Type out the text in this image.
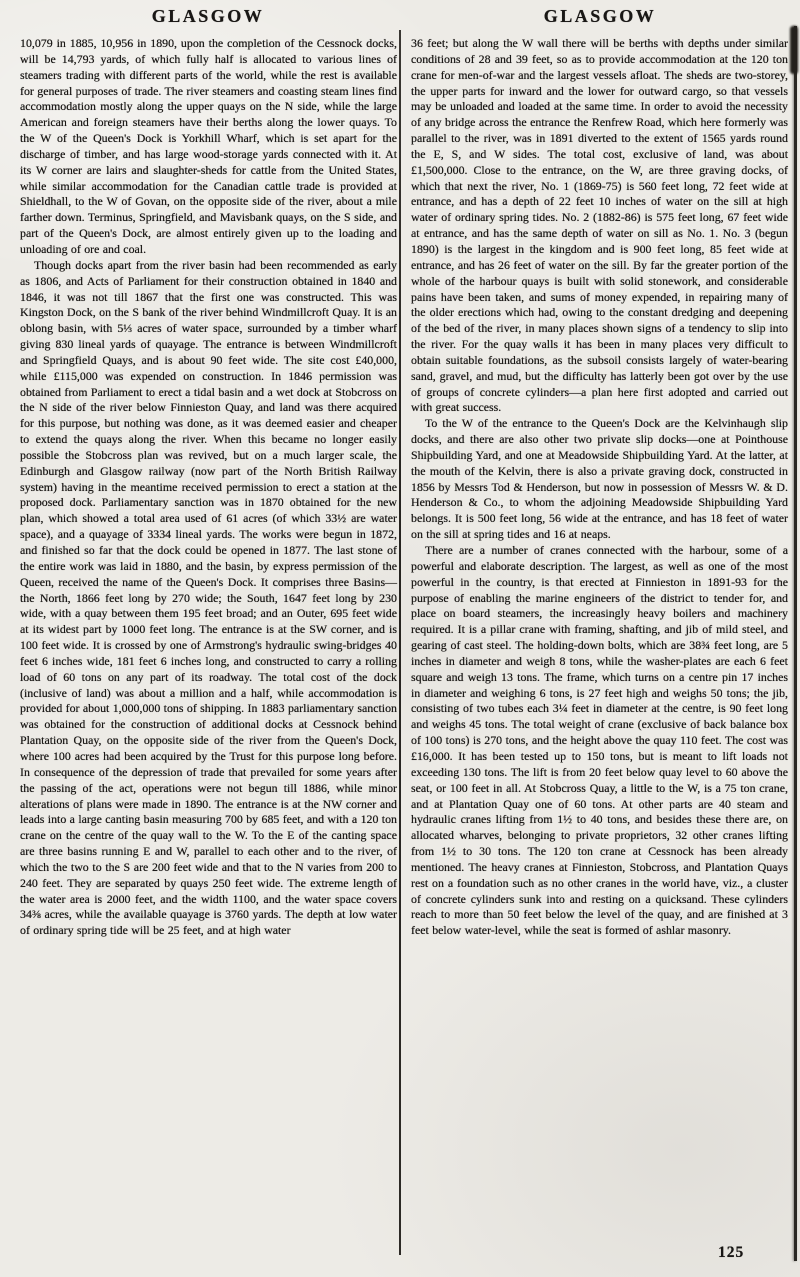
GLASGOW	GLASGOW

10,079 in 1885, 10,956 in 1890, upon the completion of the Cessnock docks, will be 14,793 yards, of which fully half is allocated to various lines of steamers trading with different parts of the world, while the rest is available for general purposes of trade. The river steamers and coasting steam lines find accommodation mostly along the upper quays on the N side, while the large American and foreign steamers have their berths along the lower quays. To the W of the Queen's Dock is Yorkhill Wharf, which is set apart for the discharge of timber, and has large wood-storage yards connected with it. At its W corner are lairs and slaughter-sheds for cattle from the United States, while similar accommodation for the Canadian cattle trade is provided at Shieldhall, to the W of Govan, on the opposite side of the river, about a mile farther down. Terminus, Springfield, and Mavisbank quays, on the S side, and part of the Queen's Dock, are almost entirely given up to the loading and unloading of ore and coal.

Though docks apart from the river basin had been recommended as early as 1806, and Acts of Parliament for their construction obtained in 1840 and 1846, it was not till 1867 that the first one was constructed. This was Kingston Dock, on the S bank of the river behind Windmillcroft Quay. It is an oblong basin, with 5⅓ acres of water space, surrounded by a timber wharf giving 830 lineal yards of quayage. The entrance is between Windmillcroft and Springfield Quays, and is about 90 feet wide. The site cost £40,000, while £115,000 was expended on construction. In 1846 permission was obtained from Parliament to erect a tidal basin and a wet dock at Stobcross on the N side of the river below Finnieston Quay, and land was there acquired for this purpose, but nothing was done, as it was deemed easier and cheaper to extend the quays along the river. When this became no longer easily possible the Stobcross plan was revived, but on a much larger scale, the Edinburgh and Glasgow railway (now part of the North British Railway system) having in the meantime received permission to erect a station at the proposed dock. Parliamentary sanction was in 1870 obtained for the new plan, which showed a total area used of 61 acres (of which 33½ are water space), and a quayage of 3334 lineal yards. The works were begun in 1872, and finished so far that the dock could be opened in 1877. The last stone of the entire work was laid in 1880, and the basin, by express permission of the Queen, received the name of the Queen's Dock. It comprises three Basins—the North, 1866 feet long by 270 wide; the South, 1647 feet long by 230 wide, with a quay between them 195 feet broad; and an Outer, 695 feet wide at its widest part by 1000 feet long. The entrance is at the SW corner, and is 100 feet wide. It is crossed by one of Armstrong's hydraulic swing-bridges 40 feet 6 inches wide, 181 feet 6 inches long, and constructed to carry a rolling load of 60 tons on any part of its roadway. The total cost of the dock (inclusive of land) was about a million and a half, while accommodation is provided for about 1,000,000 tons of shipping. In 1883 parliamentary sanction was obtained for the construction of additional docks at Cessnock behind Plantation Quay, on the opposite side of the river from the Queen's Dock, where 100 acres had been acquired by the Trust for this purpose long before. In consequence of the depression of trade that prevailed for some years after the passing of the act, operations were not begun till 1886, while minor alterations of plans were made in 1890. The entrance is at the NW corner and leads into a large canting basin measuring 700 by 685 feet, and with a 120 ton crane on the centre of the quay wall to the W. To the E of the canting space are three basins running E and W, parallel to each other and to the river, of which the two to the S are 200 feet wide and that to the N varies from 200 to 240 feet. They are separated by quays 250 feet wide. The extreme length of the water area is 2000 feet, and the width 1100, and the water space covers 34⅜ acres, while the available quayage is 3760 yards. The depth at low water of ordinary spring tide will be 25 feet, and at high water

36 feet; but along the W wall there will be berths with depths under similar conditions of 28 and 39 feet, so as to provide accommodation at the 120 ton crane for men-of-war and the largest vessels afloat. The sheds are two-storey, the upper parts for inward and the lower for outward cargo, so that vessels may be unloaded and loaded at the same time. In order to avoid the necessity of any bridge across the entrance the Renfrew Road, which here formerly was parallel to the river, was in 1891 diverted to the extent of 1565 yards round the E, S, and W sides. The total cost, exclusive of land, was about £1,500,000. Close to the entrance, on the W, are three graving docks, of which that next the river, No. 1 (1869-75) is 560 feet long, 72 feet wide at entrance, and has a depth of 22 feet 10 inches of water on the sill at high water of ordinary spring tides. No. 2 (1882-86) is 575 feet long, 67 feet wide at entrance, and has the same depth of water on sill as No. 1. No. 3 (begun 1890) is the largest in the kingdom and is 900 feet long, 85 feet wide at entrance, and has 26 feet of water on the sill. By far the greater portion of the whole of the harbour quays is built with solid stonework, and considerable pains have been taken, and sums of money expended, in repairing many of the older erections which had, owing to the constant dredging and deepening of the bed of the river, in many places shown signs of a tendency to slip into the river. For the quay walls it has been in many places very difficult to obtain suitable foundations, as the subsoil consists largely of water-bearing sand, gravel, and mud, but the difficulty has latterly been got over by the use of groups of concrete cylinders—a plan here first adopted and carried out with great success.

To the W of the entrance to the Queen's Dock are the Kelvinhaugh slip docks, and there are also other two private slip docks—one at Pointhouse Shipbuilding Yard, and one at Meadowside Shipbuilding Yard. At the latter, at the mouth of the Kelvin, there is also a private graving dock, constructed in 1856 by Messrs Tod & Henderson, but now in possession of Messrs W. & D. Henderson & Co., to whom the adjoining Meadowside Shipbuilding Yard belongs. It is 500 feet long, 56 wide at the entrance, and has 18 feet of water on the sill at spring tides and 16 at neaps.

There are a number of cranes connected with the harbour, some of a powerful and elaborate description. The largest, as well as one of the most powerful in the country, is that erected at Finnieston in 1891-93 for the purpose of enabling the marine engineers of the district to tender for, and place on board steamers, the increasingly heavy boilers and machinery required. It is a pillar crane with framing, shafting, and jib of mild steel, and gearing of cast steel. The holding-down bolts, which are 38¾ feet long, are 5 inches in diameter and weigh 8 tons, while the washer-plates are each 6 feet square and weigh 13 tons. The frame, which turns on a centre pin 17 inches in diameter and weighing 6 tons, is 27 feet high and weighs 50 tons; the jib, consisting of two tubes each 3¼ feet in diameter at the centre, is 90 feet long and weighs 45 tons. The total weight of crane (exclusive of back balance box of 100 tons) is 270 tons, and the height above the quay 110 feet. The cost was £16,000. It has been tested up to 150 tons, but is meant to lift loads not exceeding 130 tons. The lift is from 20 feet below quay level to 60 above the seat, or 100 feet in all. At Stobcross Quay, a little to the W, is a 75 ton crane, and at Plantation Quay one of 60 tons. At other parts are 40 steam and hydraulic cranes lifting from 1½ to 40 tons, and besides these there are, on allocated wharves, belonging to private proprietors, 32 other cranes lifting from 1½ to 30 tons. The 120 ton crane at Cessnock has been already mentioned. The heavy cranes at Finnieston, Stobcross, and Plantation Quays rest on a foundation such as no other cranes in the world have, viz., a cluster of concrete cylinders sunk into and resting on a quicksand. These cylinders reach to more than 50 feet below the level of the quay, and are finished at 3 feet below water-level, while the seat is formed of ashlar masonry.

125
